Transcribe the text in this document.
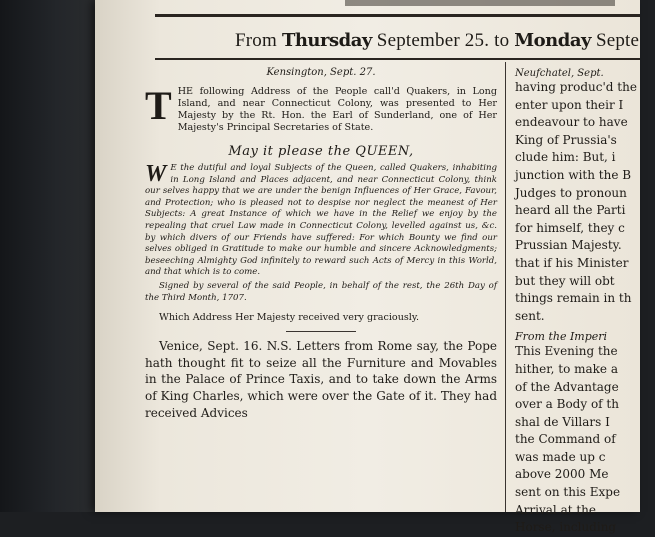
From Thursday September 25. to Monday Septe
Kensington, Sept. 27.
T HE following Address of the People call'd Quakers, in Long Island, and near Connecticut Colony, was presented to Her Majesty by the Rt. Hon. the Earl of Sunderland, one of Her Majesty's Principal Secretaries of State.
May it please the QUEEN,
W E the dutiful and loyal Subjects of the Queen, called Quakers, inhabiting in Long Island and Places adjacent, and near Connecticut Colony, think our selves happy that we are under the benign Influences of Her Grace, Favour, and Protection; who is pleased not to despise nor neglect the meanest of Her Subjects: A great Instance of which we have in the Relief we enjoy by the repealing that cruel Law made in Connecticut Colony, levelled against us, &c. by which divers of our Friends have suffered: For which Bounty we find our selves obliged in Gratitude to make our humble and sincere Acknowledgments; beseeching Almighty God infinitely to reward such Acts of Mercy in this World, and that which is to come.
Signed by several of the said People, in behalf of the rest, the 26th Day of the Third Month, 1707.
Which Address Her Majesty received very graciously.
Venice, Sept. 16. N.S. Letters from Rome say, the Pope hath thought fit to seize all the Furniture and Movables in the Palace of Prince Taxis, and to take down the Arms of King Charles, which were over the Gate of it. They had received Advices
Neufchatel, Sept.
having produc'd the
enter upon their I
endeavour to have
King of Prussia's
clude him: But, i
junction with the B
Judges to pronoun
heard all the Parti
for himself, they c
Prussian Majesty.
that if his Minister
but they will obt
things remain in th
sent.
From the Imperi
This Evening the
hither, to make a
of the Advantage
over a Body of th
shal de Villars I
the Command of
was made up c
above 2000 Me
sent on this Expe
Arrival at the
Horse, including
